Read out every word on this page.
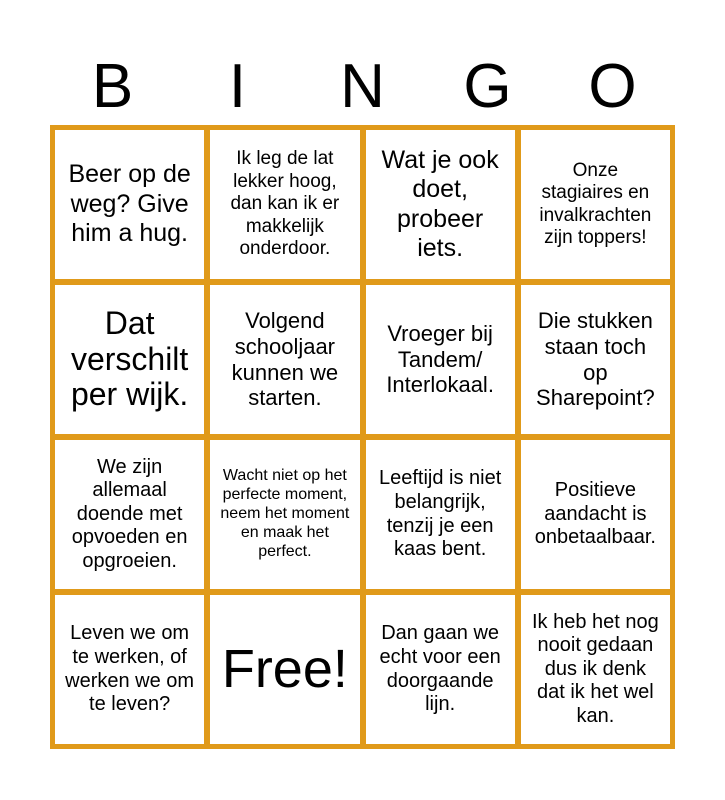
B	I	N	G	O
Beer op de weg? Give him a hug.
Ik leg de lat lekker hoog, dan kan ik er makkelijk onderdoor.
Wat je ook doet, probeer iets.
Onze stagiaires en invalkrachten zijn toppers!
Dat verschilt per wijk.
Volgend schooljaar kunnen we starten.
Vroeger bij Tandem/ Interlokaal.
Die stukken staan toch op Sharepoint?
We zijn allemaal doende met opvoeden en opgroeien.
Wacht niet op het perfecte moment, neem het moment en maak het perfect.
Leeftijd is niet belangrijk, tenzij je een kaas bent.
Positieve aandacht is onbetaalbaar.
Leven we om te werken, of werken we om te leven?
Free!
Dan gaan we echt voor een doorgaande lijn.
Ik heb het nog nooit gedaan dus ik denk dat ik het wel kan.
